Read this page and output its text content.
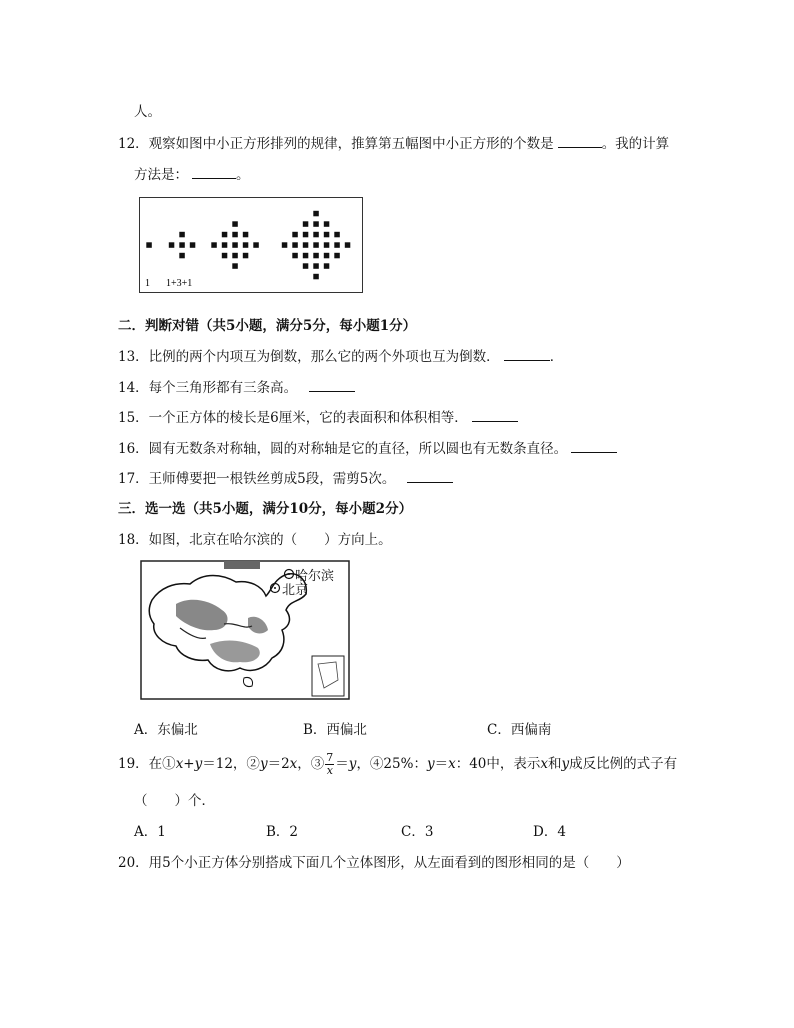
人。
12．观察如图中小正方形排列的规律，推算第五幅图中小正方形的个数是	。我的计算
方法是：	。
1 1+3+1
二．判断对错（共5小题，满分5分，每小题1分）
13．比例的两个内项互为倒数，那么它的两个外项也互为倒数．	．
14．每个三角形都有三条高。
15．一个正方体的棱长是6厘米，它的表面积和体积相等．
16．圆有无数条对称轴，圆的对称轴是它的直径，所以圆也有无数条直径。
17．王师傅要把一根铁丝剪成5段，需剪5次。
三．选一选（共5小题，满分10分，每小题2分）
18．如图，北京在哈尔滨的（　　）方向上。
哈尔滨
北京
A．东偏北	B．西偏北	C．西偏南
19．在①x+y＝12，②y＝2x，③ $\frac{7}{x} =y$，④25%：y＝x：40中，表示x和y成反比例的式子有
（　　）个．
A．1	B．2	C．3	D．4
20．用5个小正方体分别搭成下面几个立体图形，从左面看到的图形相同的是（　　）
